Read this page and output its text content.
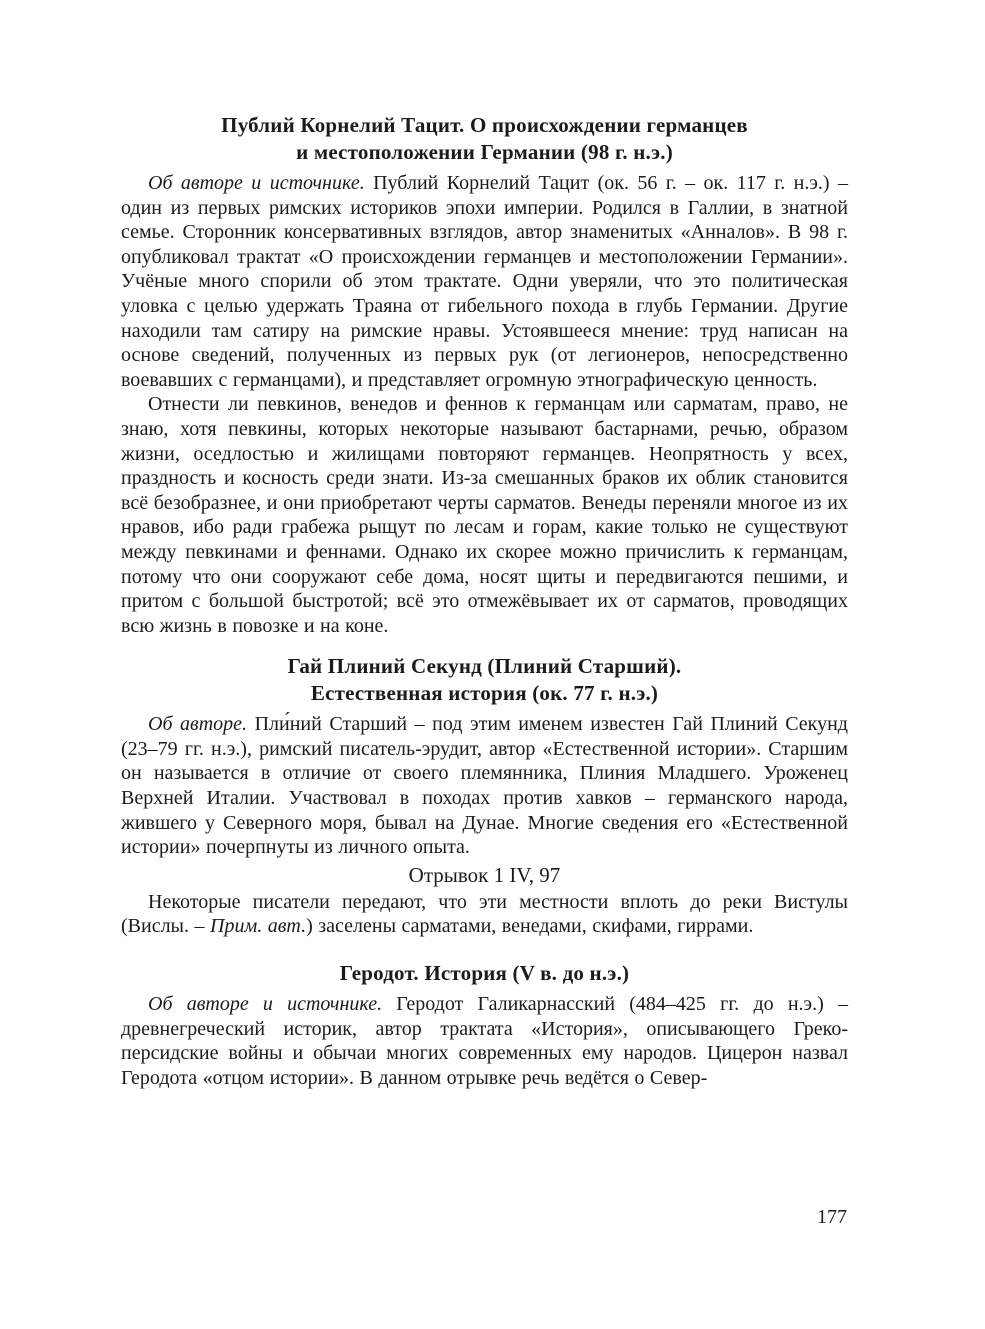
Публий Корнелий Тацит. О происхождении германцев
и местоположении Германии (98 г. н.э.)

Об авторе и источнике. Публий Корнелий Тацит (ок. 56 г. – ок. 117 г. н.э.) – один из первых римских историков эпохи империи. Родился в Галлии, в знатной семье. Сторонник консервативных взглядов, автор знаменитых «Анналов». В 98 г. опубликовал трактат «О происхождении германцев и местоположении Германии». Учёные много спорили об этом трактате. Одни уверяли, что это политическая уловка с целью удержать Траяна от гибельного похода в глубь Германии. Другие находили там сатиру на римские нравы. Устоявшееся мнение: труд написан на основе сведений, полученных из первых рук (от легионеров, непосредственно воевавших с германцами), и представляет огромную этнографическую ценность.

Отнести ли певкинов, венедов и феннов к германцам или сарматам, право, не знаю, хотя певкины, которых некоторые называют бастарнами, речью, образом жизни, оседлостью и жилищами повторяют германцев. Неопрятность у всех, праздность и косность среди знати. Из-за смешанных браков их облик становится всё безобразнее, и они приобретают черты сарматов. Венеды переняли многое из их нравов, ибо ради грабежа рыщут по лесам и горам, какие только не существуют между певкинами и феннами. Однако их скорее можно причислить к германцам, потому что они сооружают себе дома, носят щиты и передвигаются пешими, и притом с большой быстротой; всё это отмежёвывает их от сарматов, проводящих всю жизнь в повозке и на коне.

Гай Плиний Секунд (Плиний Старший).
Естественная история (ок. 77 г. н.э.)

Об авторе. Пли́ний Старший – под этим именем известен Гай Плиний Секунд (23–79 гг. н.э.), римский писатель-эрудит, автор «Естественной истории». Старшим он называется в отличие от своего племянника, Плиния Младшего. Уроженец Верхней Италии. Участвовал в походах против хавков – германского народа, жившего у Северного моря, бывал на Дунае. Многие сведения его «Естественной истории» почерпнуты из личного опыта.

Отрывок 1 IV, 97

Некоторые писатели передают, что эти местности вплоть до реки Вистулы (Вислы. – Прим. авт.) заселены сарматами, венедами, скифами, гиррами.

Геродот. История (V в. до н.э.)

Об авторе и источнике. Геродот Галикарнасский (484–425 гг. до н.э.) – древнегреческий историк, автор трактата «История», описывающего Греко-персидские войны и обычаи многих современных ему народов. Цицерон назвал Геродота «отцом истории». В данном отрывке речь ведётся о Север-

177
